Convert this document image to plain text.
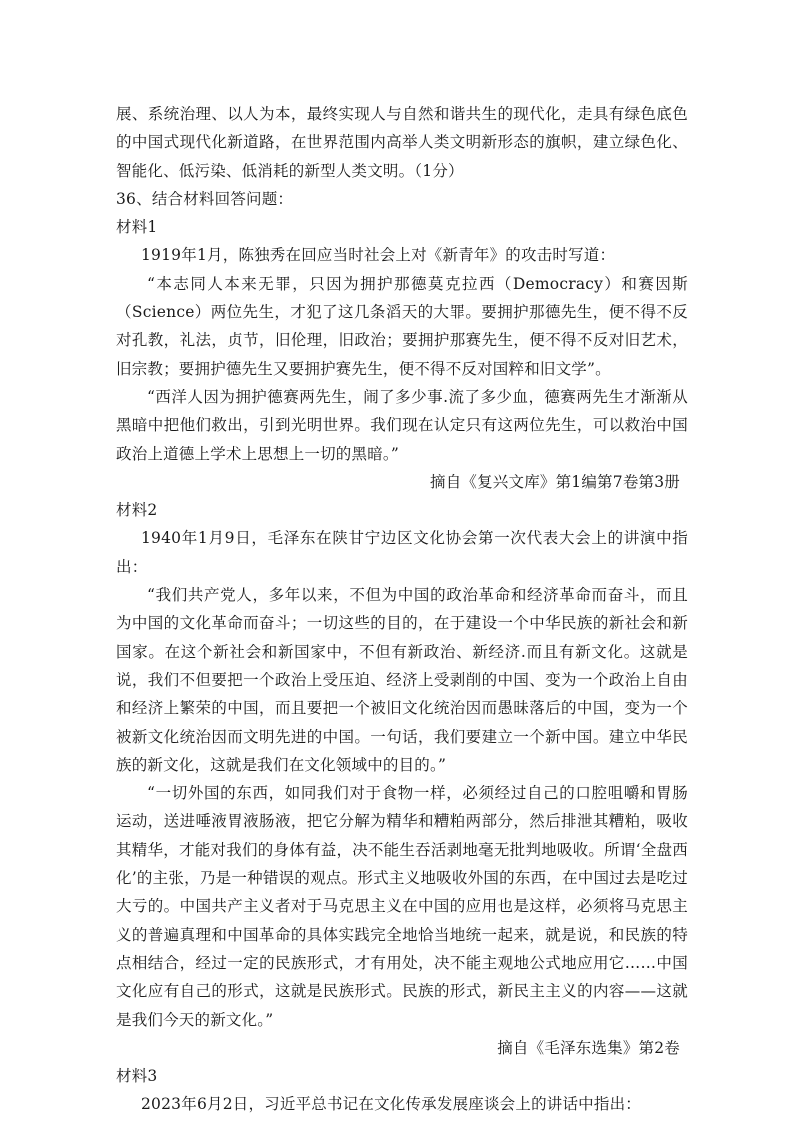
展、系统治理、以人为本，最终实现人与自然和谐共生的现代化，走具有绿色底色的中国式现代化新道路，在世界范围内高举人类文明新形态的旗帜，建立绿色化、智能化、低污染、低消耗的新型人类文明。（1分）

36、结合材料回答问题：

材料1

1919年1月，陈独秀在回应当时社会上对《新青年》的攻击时写道：

“本志同人本来无罪，只因为拥护那德莫克拉西（Democracy）和赛因斯（Science）两位先生，才犯了这几条滔天的大罪。要拥护那德先生，便不得不反对孔教，礼法，贞节，旧伦理，旧政治；要拥护那赛先生，便不得不反对旧艺术，旧宗教；要拥护德先生又要拥护赛先生，便不得不反对国粹和旧文学”。

“西洋人因为拥护德赛两先生，闹了多少事.流了多少血，德赛两先生才渐渐从黑暗中把他们救出，引到光明世界。我们现在认定只有这两位先生，可以救治中国政治上道德上学术上思想上一切的黑暗。”

摘自《复兴文库》第1编第7卷第3册

材料2

1940年1月9日，毛泽东在陕甘宁边区文化协会第一次代表大会上的讲演中指出：

“我们共产党人，多年以来，不但为中国的政治革命和经济革命而奋斗，而且为中国的文化革命而奋斗；一切这些的目的，在于建设一个中华民族的新社会和新国家。在这个新社会和新国家中，不但有新政治、新经济.而且有新文化。这就是说，我们不但要把一个政治上受压迫、经济上受剥削的中国、变为一个政治上自由和经济上繁荣的中国，而且要把一个被旧文化统治因而愚昧落后的中国，变为一个被新文化统治因而文明先进的中国。一句话，我们要建立一个新中国。建立中华民族的新文化，这就是我们在文化领域中的目的。”

“一切外国的东西，如同我们对于食物一样，必须经过自己的口腔咀嚼和胃肠运动，送进唾液胃液肠液，把它分解为精华和糟粕两部分，然后排泄其糟粕，吸收其精华，才能对我们的身体有益，决不能生吞活剥地毫无批判地吸收。所谓‘全盘西化’的主张，乃是一种错误的观点。形式主义地吸收外国的东西，在中国过去是吃过大亏的。中国共产主义者对于马克思主义在中国的应用也是这样，必须将马克思主义的普遍真理和中国革命的具体实践完全地恰当地统一起来，就是说，和民族的特点相结合，经过一定的民族形式，才有用处，决不能主观地公式地应用它……中国文化应有自己的形式，这就是民族形式。民族的形式，新民主主义的内容——这就是我们今天的新文化。”

摘自《毛泽东选集》第2卷

材料3

2023年6月2日，习近平总书记在文化传承发展座谈会上的讲话中指出：
